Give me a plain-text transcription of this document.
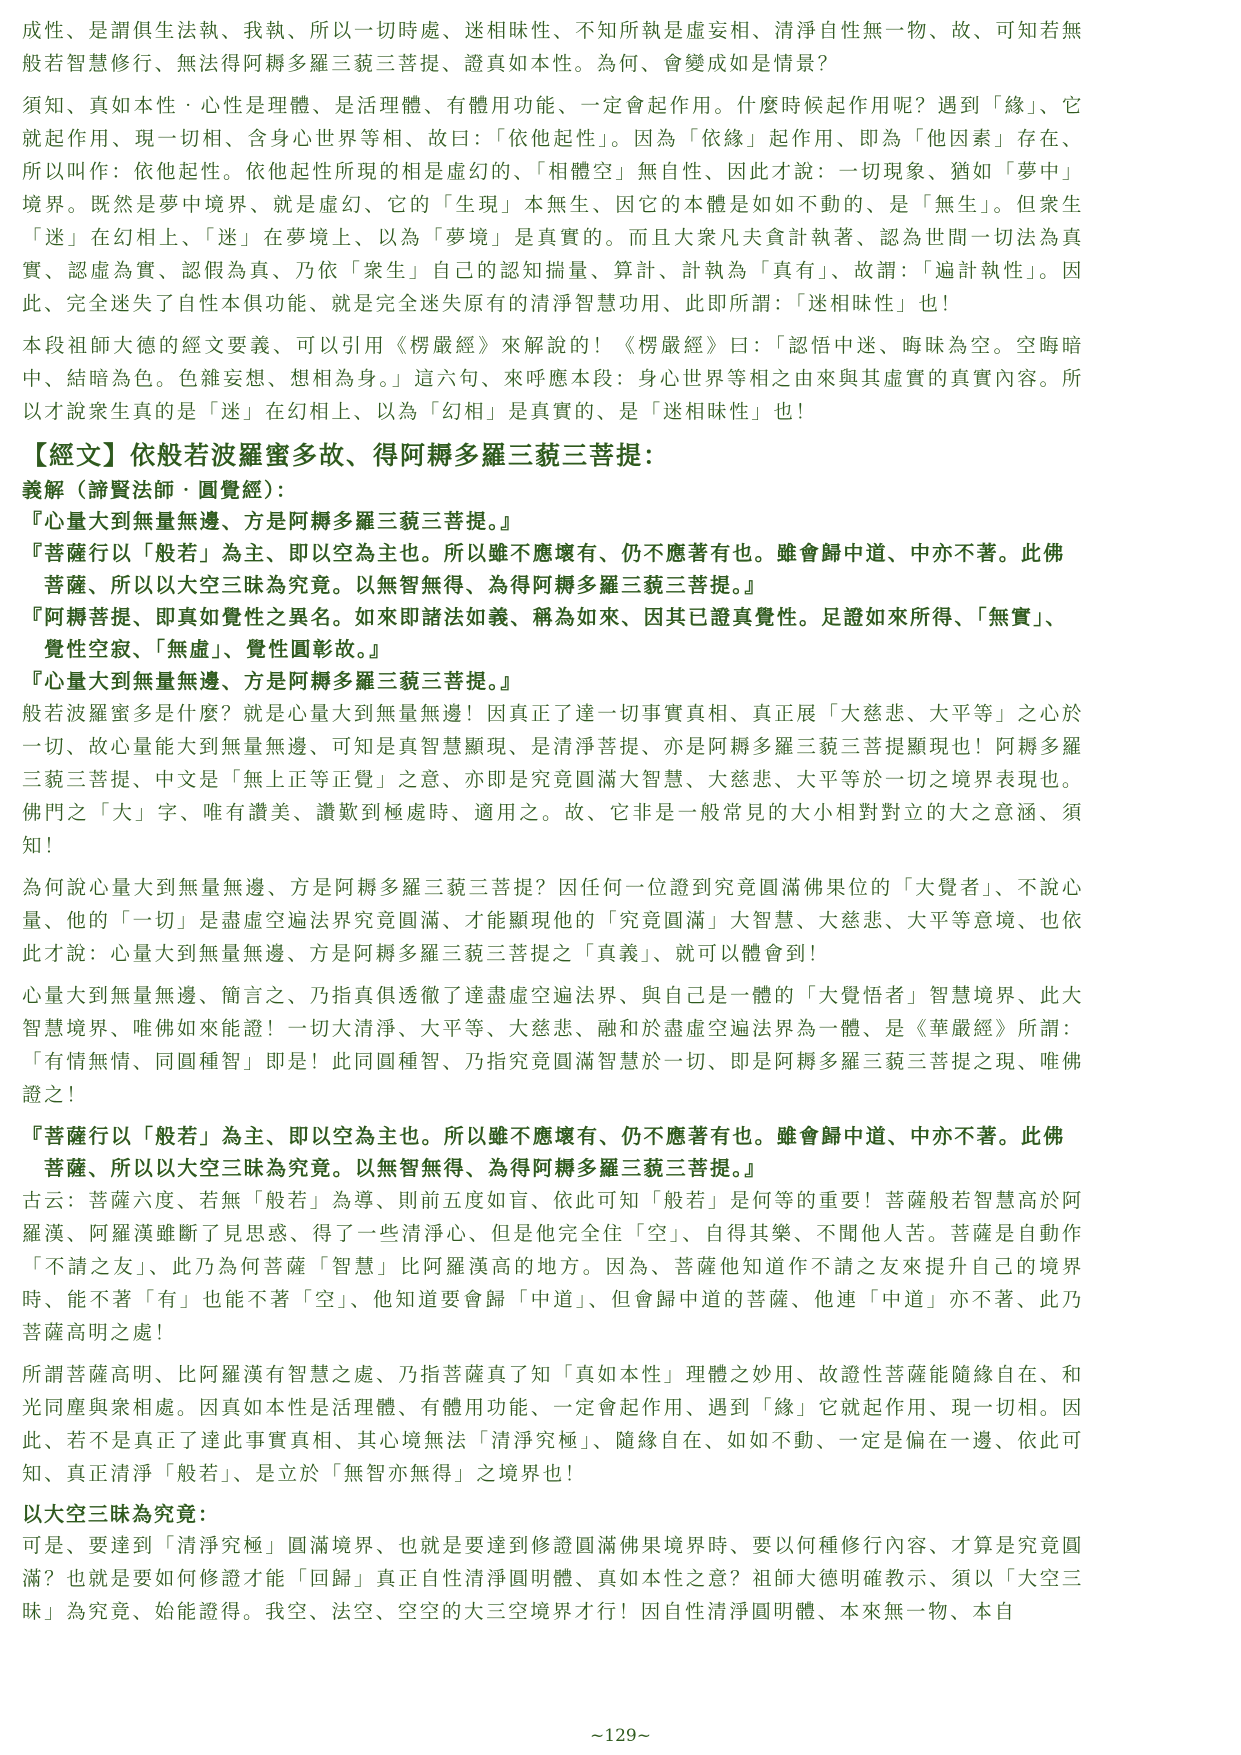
成性、是謂俱生法執、我執、所以一切時處、迷相昧性、不知所執是虛妄相、清淨自性無一物、故、可知若無般若智慧修行、無法得阿耨多羅三藐三菩提、證真如本性。為何、會變成如是情景？

須知、真如本性‧心性是理體、是活理體、有體用功能、一定會起作用。什麼時候起作用呢？遇到「緣」、它就起作用、現一切相、含身心世界等相、故曰：「依他起性」。因為「依緣」起作用、即為「他因素」存在、所以叫作：依他起性。依他起性所現的相是虛幻的、「相體空」無自性、因此才說：一切現象、猶如「夢中」境界。既然是夢中境界、就是虛幻、它的「生現」本無生、因它的本體是如如不動的、是「無生」。但衆生「迷」在幻相上、「迷」在夢境上、以為「夢境」是真實的。而且大衆凡夫貪計執著、認為世間一切法為真實、認虛為實、認假為真、乃依「衆生」自己的認知揣量、算計、計執為「真有」、故謂：「遍計執性」。因此、完全迷失了自性本俱功能、就是完全迷失原有的清淨智慧功用、此即所謂：「迷相昧性」也！

本段祖師大德的經文要義、可以引用《楞嚴經》來解說的！《楞嚴經》曰：「認悟中迷、晦昧為空。空晦暗中、結暗為色。色雜妄想、想相為身。」這六句、來呼應本段：身心世界等相之由來與其虛實的真實內容。所以才說衆生真的是「迷」在幻相上、以為「幻相」是真實的、是「迷相昧性」也！

【經文】依般若波羅蜜多故、得阿耨多羅三藐三菩提：

義解（諦賢法師‧圓覺經）：

『心量大到無量無邊、方是阿耨多羅三藐三菩提。』

『菩薩行以「般若」為主、即以空為主也。所以雖不應壞有、仍不應著有也。雖會歸中道、中亦不著。此佛菩薩、所以以大空三昧為究竟。以無智無得、為得阿耨多羅三藐三菩提。』

『阿耨菩提、即真如覺性之異名。如來即諸法如義、稱為如來、因其已證真覺性。足證如來所得、「無實」、覺性空寂、「無虛」、覺性圓彰故。』

『心量大到無量無邊、方是阿耨多羅三藐三菩提。』

般若波羅蜜多是什麼？就是心量大到無量無邊！因真正了達一切事實真相、真正展「大慈悲、大平等」之心於一切、故心量能大到無量無邊、可知是真智慧顯現、是清淨菩提、亦是阿耨多羅三藐三菩提顯現也！阿耨多羅三藐三菩提、中文是「無上正等正覺」之意、亦即是究竟圓滿大智慧、大慈悲、大平等於一切之境界表現也。佛門之「大」字、唯有讚美、讚歎到極處時、適用之。故、它非是一般常見的大小相對對立的大之意涵、須知！

為何說心量大到無量無邊、方是阿耨多羅三藐三菩提？因任何一位證到究竟圓滿佛果位的「大覺者」、不說心量、他的「一切」是盡虛空遍法界究竟圓滿、才能顯現他的「究竟圓滿」大智慧、大慈悲、大平等意境、也依此才說：心量大到無量無邊、方是阿耨多羅三藐三菩提之「真義」、就可以體會到！

心量大到無量無邊、簡言之、乃指真俱透徹了達盡虛空遍法界、與自己是一體的「大覺悟者」智慧境界、此大智慧境界、唯佛如來能證！一切大清淨、大平等、大慈悲、融和於盡虛空遍法界為一體、是《華嚴經》所謂：「有情無情、同圓種智」即是！此同圓種智、乃指究竟圓滿智慧於一切、即是阿耨多羅三藐三菩提之現、唯佛證之！

『菩薩行以「般若」為主、即以空為主也。所以雖不應壞有、仍不應著有也。雖會歸中道、中亦不著。此佛菩薩、所以以大空三昧為究竟。以無智無得、為得阿耨多羅三藐三菩提。』

古云：菩薩六度、若無「般若」為導、則前五度如盲、依此可知「般若」是何等的重要！菩薩般若智慧高於阿羅漢、阿羅漢雖斷了見思惑、得了一些清淨心、但是他完全住「空」、自得其樂、不聞他人苦。菩薩是自動作「不請之友」、此乃為何菩薩「智慧」比阿羅漢高的地方。因為、菩薩他知道作不請之友來提升自己的境界時、能不著「有」也能不著「空」、他知道要會歸「中道」、但會歸中道的菩薩、他連「中道」亦不著、此乃菩薩高明之處！

所謂菩薩高明、比阿羅漢有智慧之處、乃指菩薩真了知「真如本性」理體之妙用、故證性菩薩能隨緣自在、和光同塵與衆相處。因真如本性是活理體、有體用功能、一定會起作用、遇到「緣」它就起作用、現一切相。因此、若不是真正了達此事實真相、其心境無法「清淨究極」、隨緣自在、如如不動、一定是偏在一邊、依此可知、真正清淨「般若」、是立於「無智亦無得」之境界也！

以大空三昧為究竟：

可是、要達到「清淨究極」圓滿境界、也就是要達到修證圓滿佛果境界時、要以何種修行內容、才算是究竟圓滿？也就是要如何修證才能「回歸」真正自性清淨圓明體、真如本性之意？祖師大德明確教示、須以「大空三昧」為究竟、始能證得。我空、法空、空空的大三空境界才行！因自性清淨圓明體、本來無一物、本自

~129~
